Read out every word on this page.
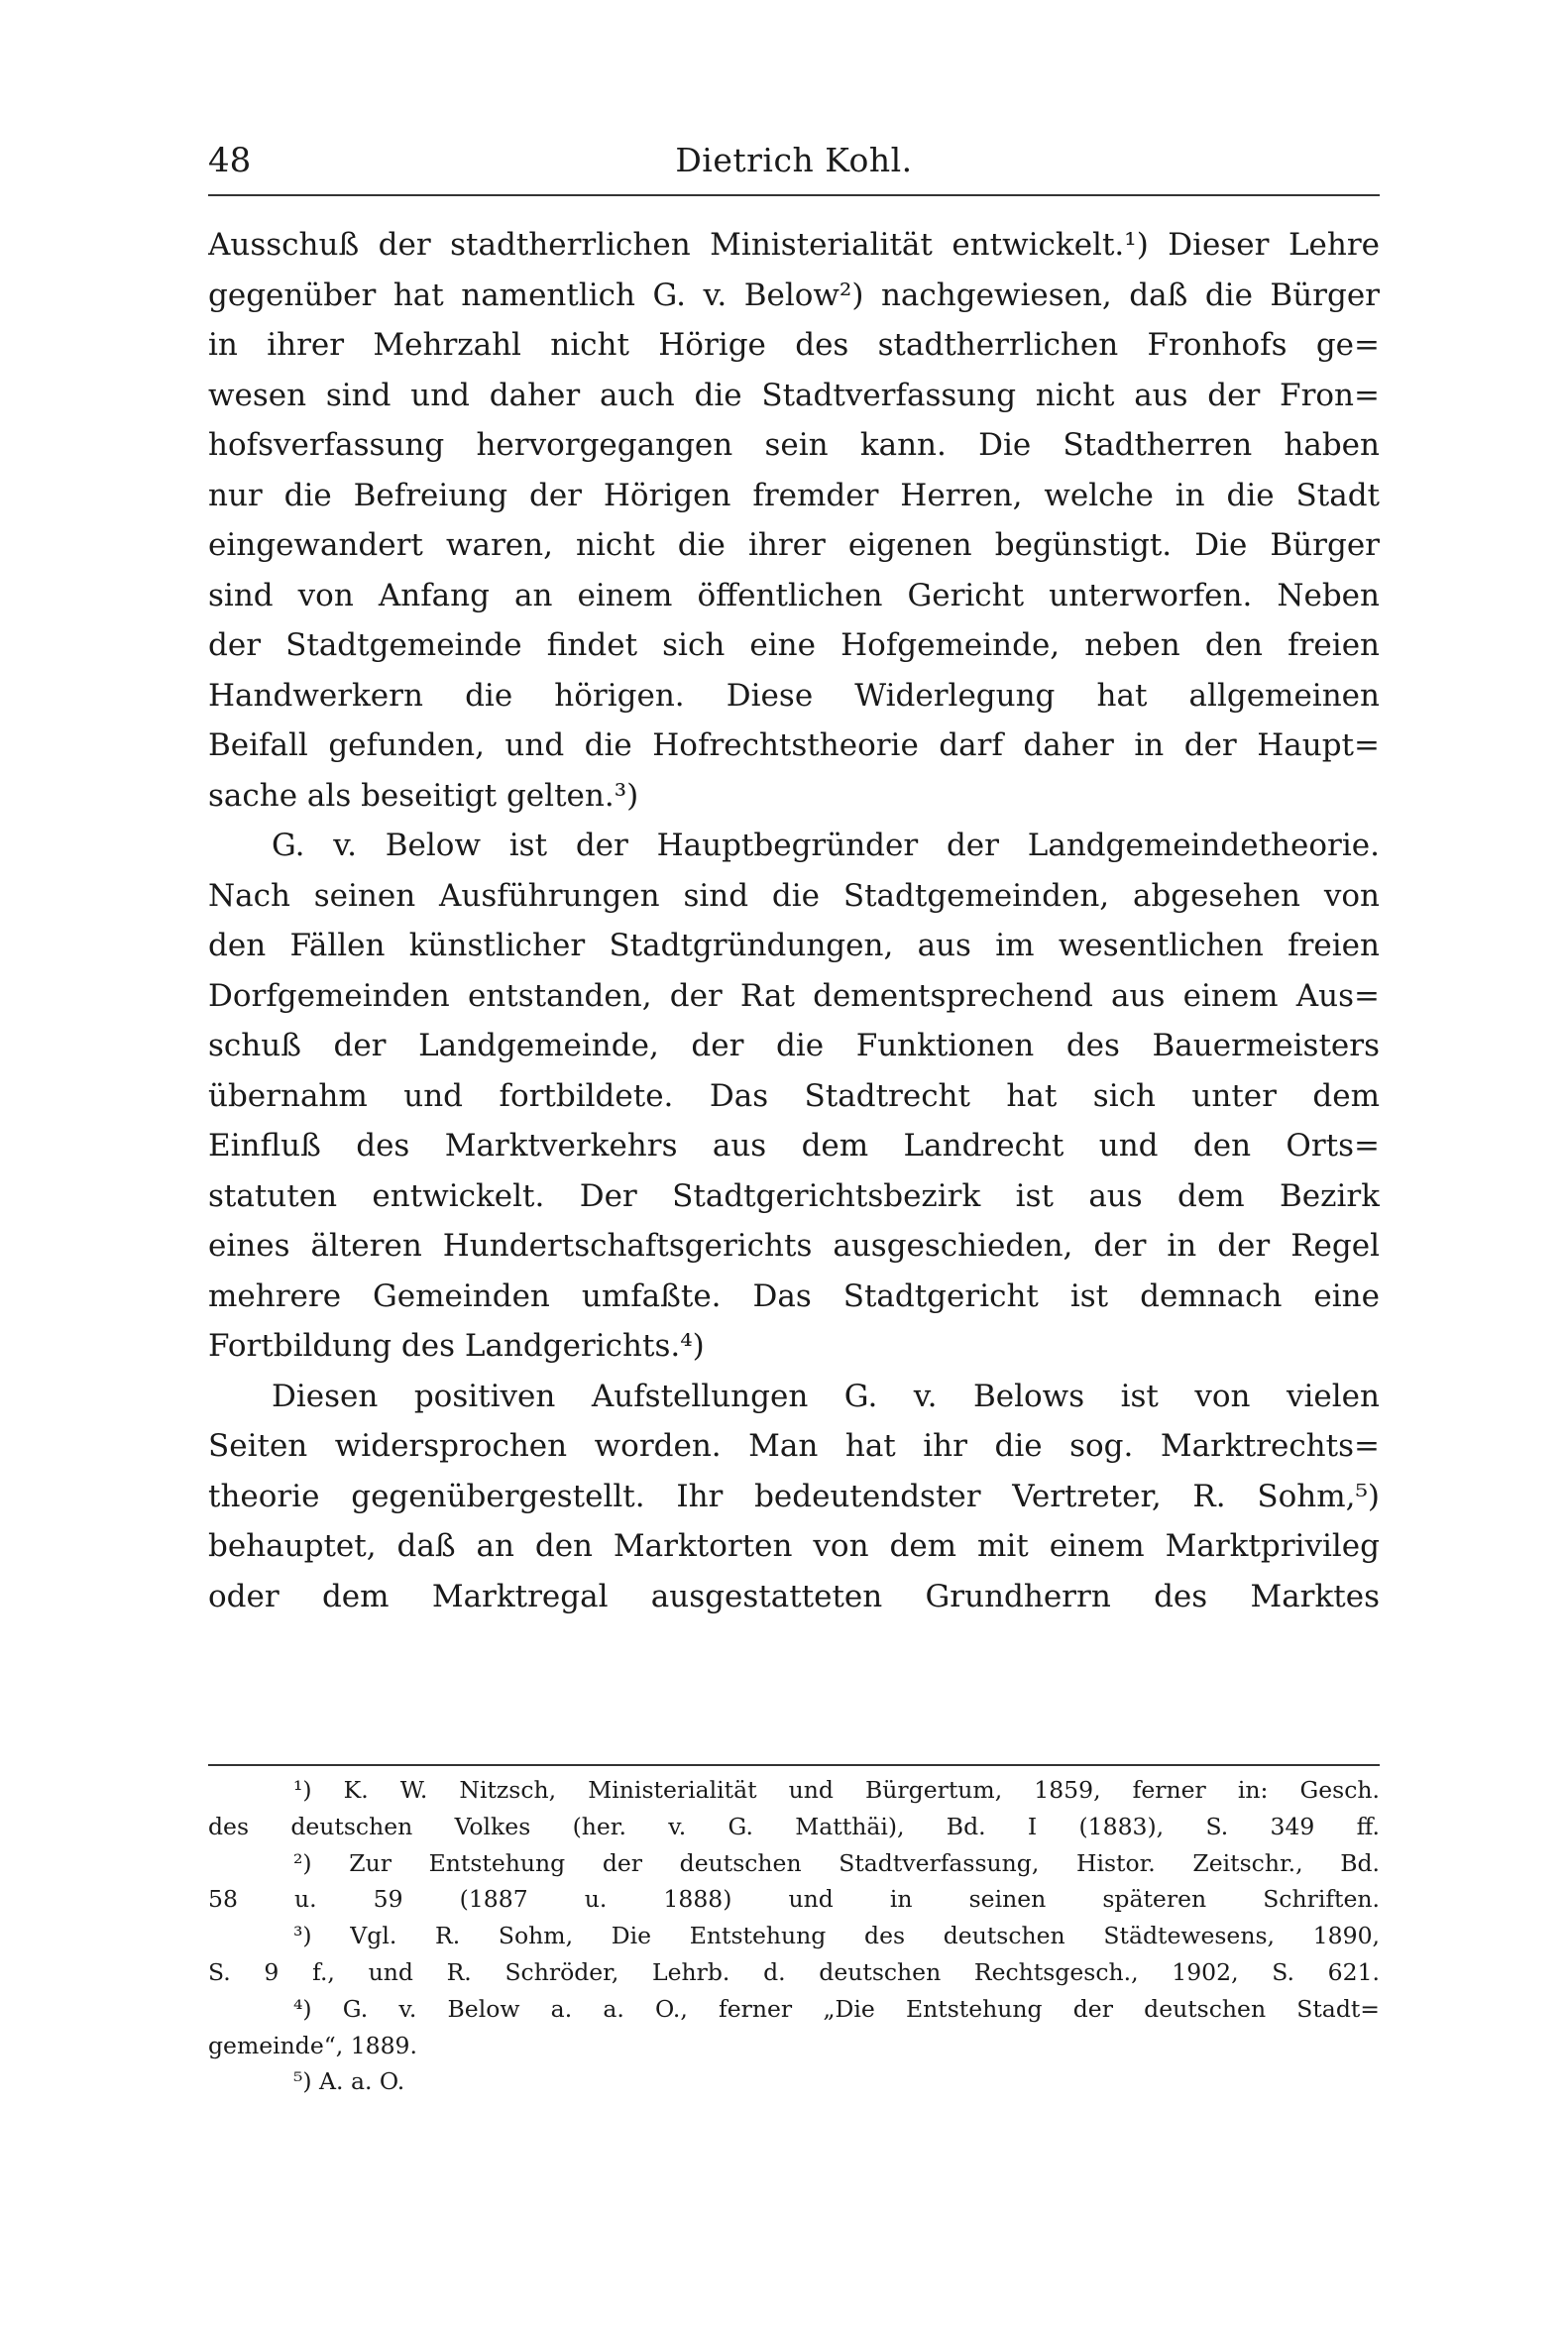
48	Dietrich Kohl.
Ausschuß der stadtherrlichen Ministerialität entwickelt.¹) Dieser Lehre
gegenüber hat namentlich G. v. Below²) nachgewiesen, daß die Bürger
in ihrer Mehrzahl nicht Hörige des stadtherrlichen Fronhofs ge=
wesen sind und daher auch die Stadtverfassung nicht aus der Fron=
hofsverfassung hervorgegangen sein kann. Die Stadtherren haben
nur die Befreiung der Hörigen fremder Herren, welche in die Stadt
eingewandert waren, nicht die ihrer eigenen begünstigt. Die Bürger
sind von Anfang an einem öffentlichen Gericht unterworfen. Neben
der Stadtgemeinde findet sich eine Hofgemeinde, neben den freien
Handwerkern die hörigen. Diese Widerlegung hat allgemeinen
Beifall gefunden, und die Hofrechtstheorie darf daher in der Haupt=
sache als beseitigt gelten.³)
G. v. Below ist der Hauptbegründer der Landgemeindetheorie.
Nach seinen Ausführungen sind die Stadtgemeinden, abgesehen von
den Fällen künstlicher Stadtgründungen, aus im wesentlichen freien
Dorfgemeinden entstanden, der Rat dementsprechend aus einem Aus=
schuß der Landgemeinde, der die Funktionen des Bauermeisters
übernahm und fortbildete. Das Stadtrecht hat sich unter dem
Einfluß des Marktverkehrs aus dem Landrecht und den Orts=
statuten entwickelt. Der Stadtgerichtsbezirk ist aus dem Bezirk
eines älteren Hundertschaftsgerichts ausgeschieden, der in der Regel
mehrere Gemeinden umfaßte. Das Stadtgericht ist demnach eine
Fortbildung des Landgerichts.⁴)
Diesen positiven Aufstellungen G. v. Belows ist von vielen
Seiten widersprochen worden. Man hat ihr die sog. Marktrechts=
theorie gegenübergestellt. Ihr bedeutendster Vertreter, R. Sohm,⁵)
behauptet, daß an den Marktorten von dem mit einem Marktprivileg
oder dem Marktregal ausgestatteten Grundherrn des Marktes
¹) K. W. Nitzsch, Ministerialität und Bürgertum, 1859, ferner in: Gesch.
des deutschen Volkes (her. v. G. Matthäi), Bd. I (1883), S. 349 ff.
²) Zur Entstehung der deutschen Stadtverfassung, Histor. Zeitschr., Bd.
58 u. 59 (1887 u. 1888) und in seinen späteren Schriften.
³) Vgl. R. Sohm, Die Entstehung des deutschen Städtewesens, 1890,
S. 9 f., und R. Schröder, Lehrb. d. deutschen Rechtsgesch., 1902, S. 621.
⁴) G. v. Below a. a. O., ferner „Die Entstehung der deutschen Stadt=
gemeinde“, 1889.
⁵) A. a. O.
